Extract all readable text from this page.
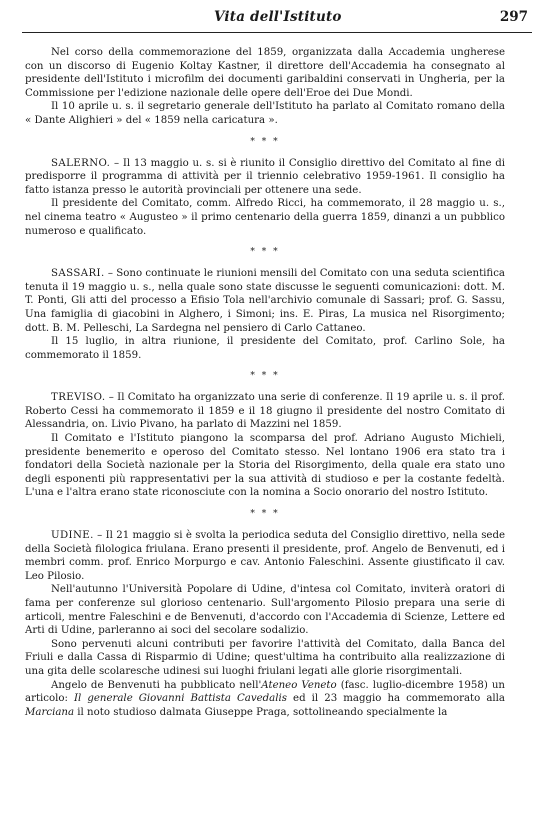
Vita dell'Istituto	297

Nel corso della commemorazione del 1859, organizzata dalla Accademia ungherese con un discorso di Eugenio Koltay Kastner, il direttore dell'Accademia ha consegnato al presidente dell'Istituto i microfilm dei documenti garibaldini conservati in Ungheria, per la Commissione per l'edizione nazionale delle opere dell'Eroe dei Due Mondi.

Il 10 aprile u. s. il segretario generale dell'Istituto ha parlato al Comitato romano della « Dante Alighieri » del « 1859 nella caricatura ».

* * *

SALERNO. – Il 13 maggio u. s. si è riunito il Consiglio direttivo del Comitato al fine di predisporre il programma di attività per il triennio celebrativo 1959-1961. Il consiglio ha fatto istanza presso le autorità provinciali per ottenere una sede.

Il presidente del Comitato, comm. Alfredo Ricci, ha commemorato, il 28 maggio u. s., nel cinema teatro « Augusteo » il primo centenario della guerra 1859, dinanzi a un pubblico numeroso e qualificato.

* * *

SASSARI. – Sono continuate le riunioni mensili del Comitato con una seduta scientifica tenuta il 19 maggio u. s., nella quale sono state discusse le seguenti comunicazioni: dott. M. T. Ponti, Gli atti del processo a Efisio Tola nell'archivio comunale di Sassari; prof. G. Sassu, Una famiglia di giacobini in Alghero, i Simoni; ins. E. Piras, La musica nel Risorgimento; dott. B. M. Pelleschi, La Sardegna nel pensiero di Carlo Cattaneo.

Il 15 luglio, in altra riunione, il presidente del Comitato, prof. Carlino Sole, ha commemorato il 1859.

* * *

TREVISO. – Il Comitato ha organizzato una serie di conferenze. Il 19 aprile u. s. il prof. Roberto Cessi ha commemorato il 1859 e il 18 giugno il presidente del nostro Comitato di Alessandria, on. Livio Pivano, ha parlato di Mazzini nel 1859.

Il Comitato e l'Istituto piangono la scomparsa del prof. Adriano Augusto Michieli, presidente benemerito e operoso del Comitato stesso. Nel lontano 1906 era stato tra i fondatori della Società nazionale per la Storia del Risorgimento, della quale era stato uno degli esponenti più rappresentativi per la sua attività di studioso e per la costante fedeltà. L'una e l'altra erano state riconosciute con la nomina a Socio onorario del nostro Istituto.

* * *

UDINE. – Il 21 maggio si è svolta la periodica seduta del Consiglio direttivo, nella sede della Società filologica friulana. Erano presenti il presidente, prof. Angelo de Benvenuti, ed i membri comm. prof. Enrico Morpurgo e cav. Antonio Faleschini. Assente giustificato il cav. Leo Pilosio.

Nell'autunno l'Università Popolare di Udine, d'intesa col Comitato, inviterà oratori di fama per conferenze sul glorioso centenario. Sull'argomento Pilosio prepara una serie di articoli, mentre Faleschini e de Benvenuti, d'accordo con l'Accademia di Scienze, Lettere ed Arti di Udine, parleranno ai soci del secolare sodalizio.

Sono pervenuti alcuni contributi per favorire l'attività del Comitato, dalla Banca del Friuli e dalla Cassa di Risparmio di Udine; quest'ultima ha contribuito alla realizzazione di una gita delle scolaresche udinesi sui luoghi friulani legati alle glorie risorgimentali.

Angelo de Benvenuti ha pubblicato nell'Ateneo Veneto (fasc. luglio-dicembre 1958) un articolo: Il generale Giovanni Battista Cavedalis ed il 23 maggio ha commemorato alla Marciana il noto studioso dalmata Giuseppe Praga, sottolineando specialmente la
